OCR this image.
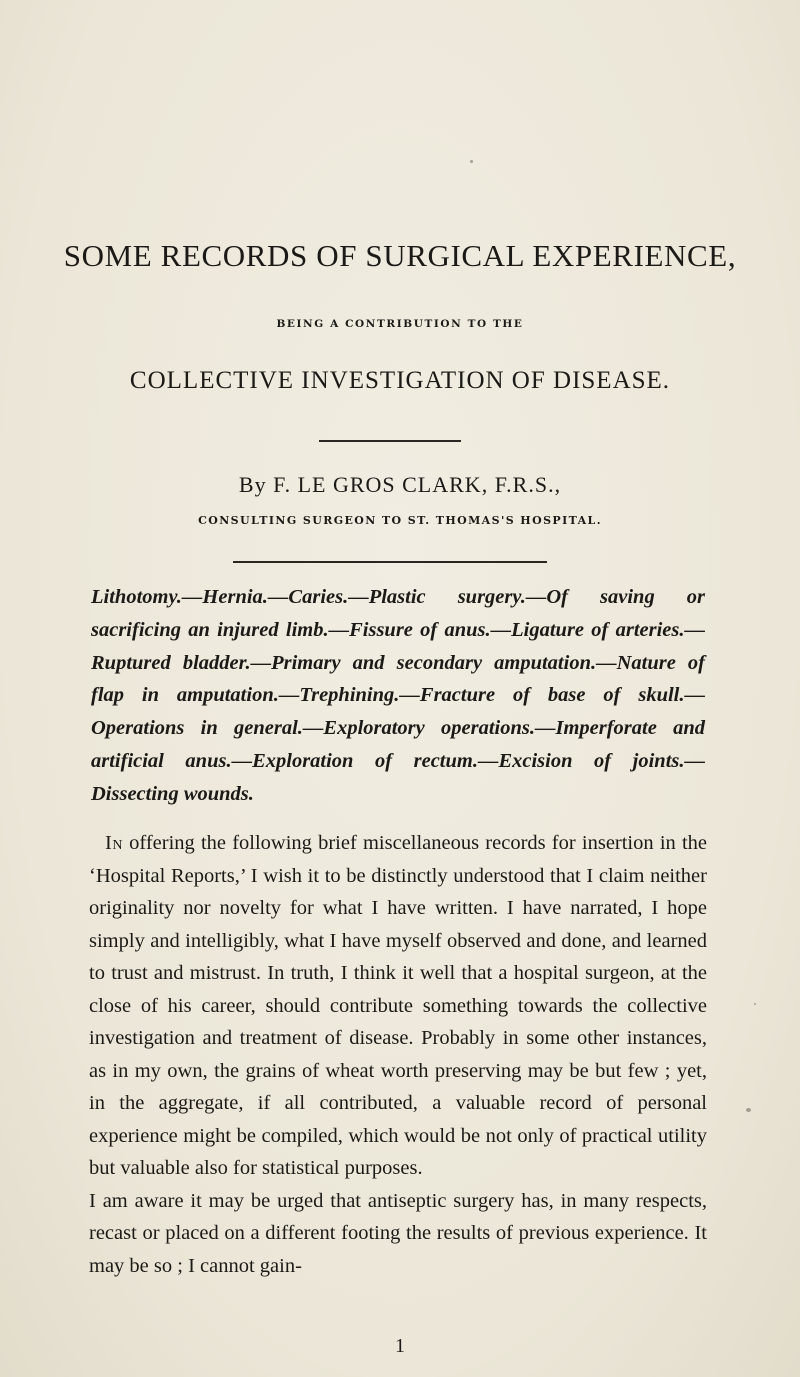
SOME RECORDS OF SURGICAL EXPERIENCE,
BEING A CONTRIBUTION TO THE
COLLECTIVE INVESTIGATION OF DISEASE.
By F. LE GROS CLARK, F.R.S.,
CONSULTING SURGEON TO ST. THOMAS'S HOSPITAL.

Lithotomy.—Hernia.—Caries.—Plastic surgery.—Of saving or sacrificing an injured limb.—Fissure of anus.—Ligature of arteries.—Ruptured bladder.—Primary and secondary amputation.—Nature of flap in amputation.—Trephining.—Fracture of base of skull.—Operations in general.—Exploratory operations.—Imperforate and artificial anus.—Exploration of rectum.—Excision of joints.—Dissecting wounds.

In offering the following brief miscellaneous records for insertion in the ‘Hospital Reports,’ I wish it to be distinctly understood that I claim neither originality nor novelty for what I have written. I have narrated, I hope simply and intelligibly, what I have myself observed and done, and learned to trust and mistrust. In truth, I think it well that a hospital surgeon, at the close of his career, should contribute something towards the collective investigation and treatment of disease. Probably in some other instances, as in my own, the grains of wheat worth preserving may be but few ; yet, in the aggregate, if all contributed, a valuable record of personal experience might be compiled, which would be not only of practical utility but valuable also for statistical purposes.

I am aware it may be urged that antiseptic surgery has, in many respects, recast or placed on a different footing the results of previous experience. It may be so ; I cannot gain-

1
